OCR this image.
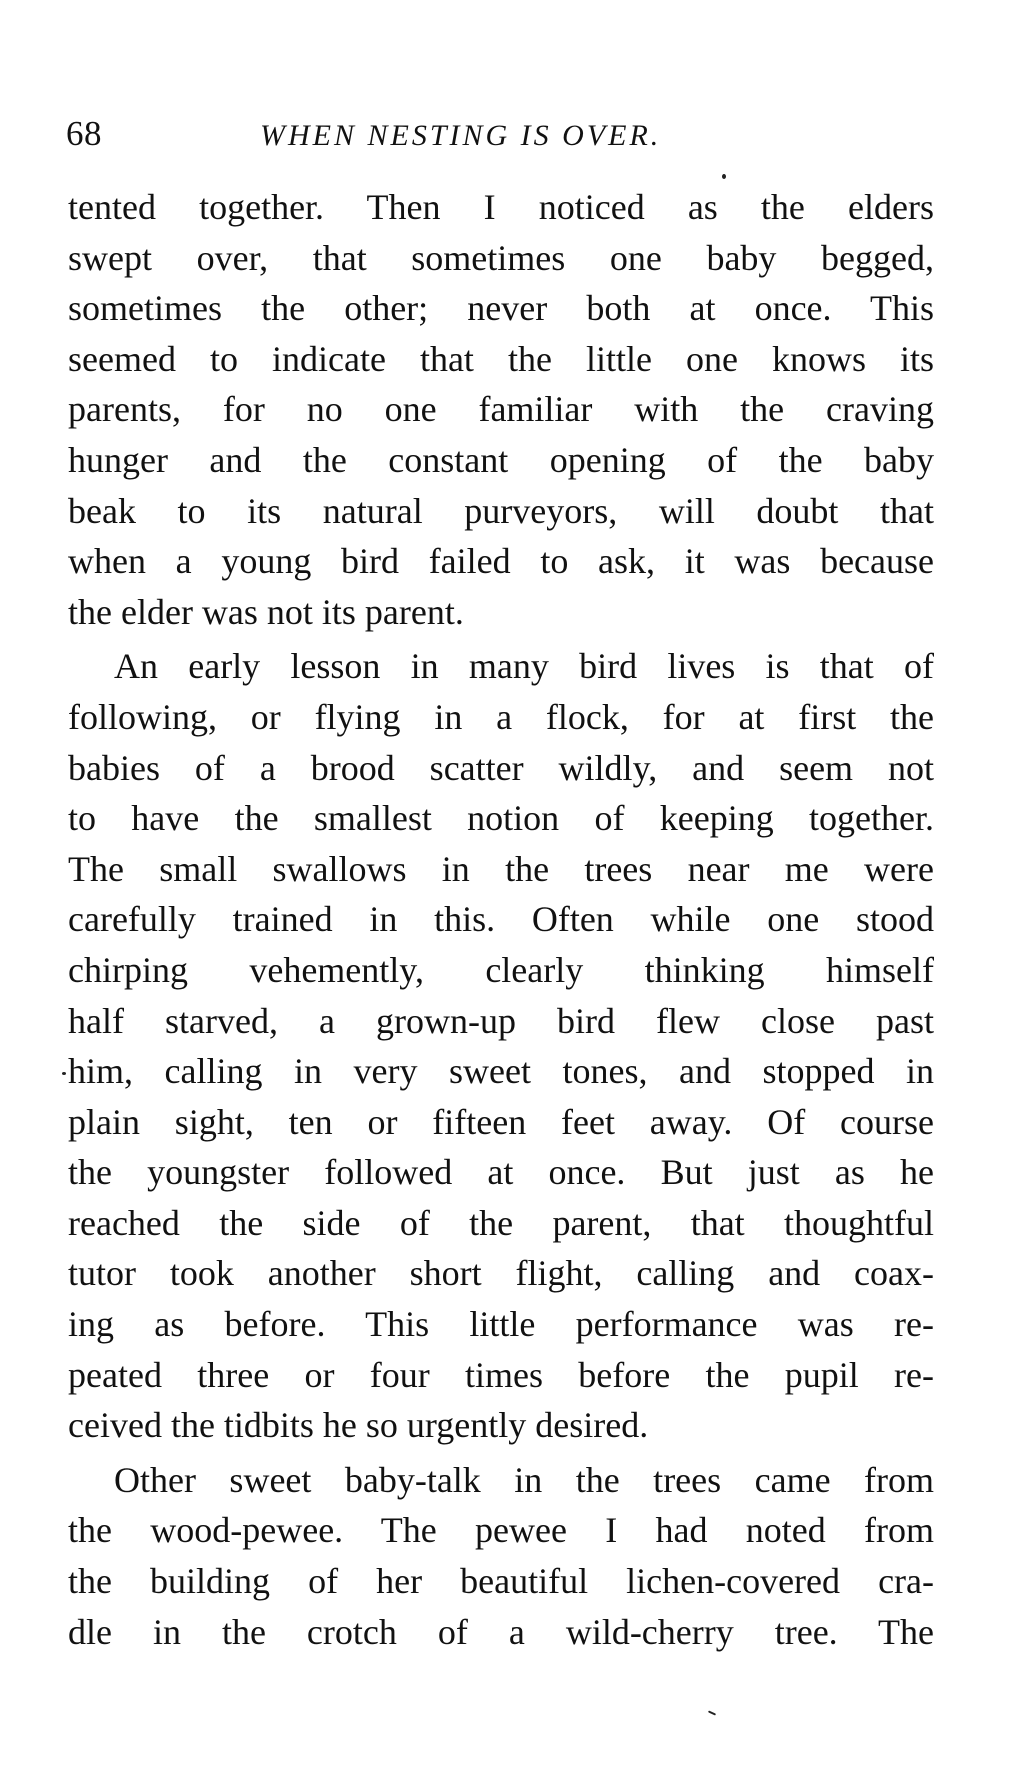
68	WHEN NESTING IS OVER.
tented together. Then I noticed as the elders
swept over, that sometimes one baby begged,
sometimes the other; never both at once. This
seemed to indicate that the little one knows its
parents, for no one familiar with the craving
hunger and the constant opening of the baby
beak to its natural purveyors, will doubt that
when a young bird failed to ask, it was because
the elder was not its parent.
An early lesson in many bird lives is that of
following, or flying in a flock, for at first the
babies of a brood scatter wildly, and seem not
to have the smallest notion of keeping together.
The small swallows in the trees near me were
carefully trained in this. Often while one stood
chirping vehemently, clearly thinking himself
half starved, a grown-up bird flew close past
him, calling in very sweet tones, and stopped in
plain sight, ten or fifteen feet away. Of course
the youngster followed at once. But just as he
reached the side of the parent, that thoughtful
tutor took another short flight, calling and coax-
ing as before. This little performance was re-
peated three or four times before the pupil re-
ceived the tidbits he so urgently desired.
Other sweet baby-talk in the trees came from
the wood-pewee. The pewee I had noted from
the building of her beautiful lichen-covered cra-
dle in the crotch of a wild-cherry tree. The
